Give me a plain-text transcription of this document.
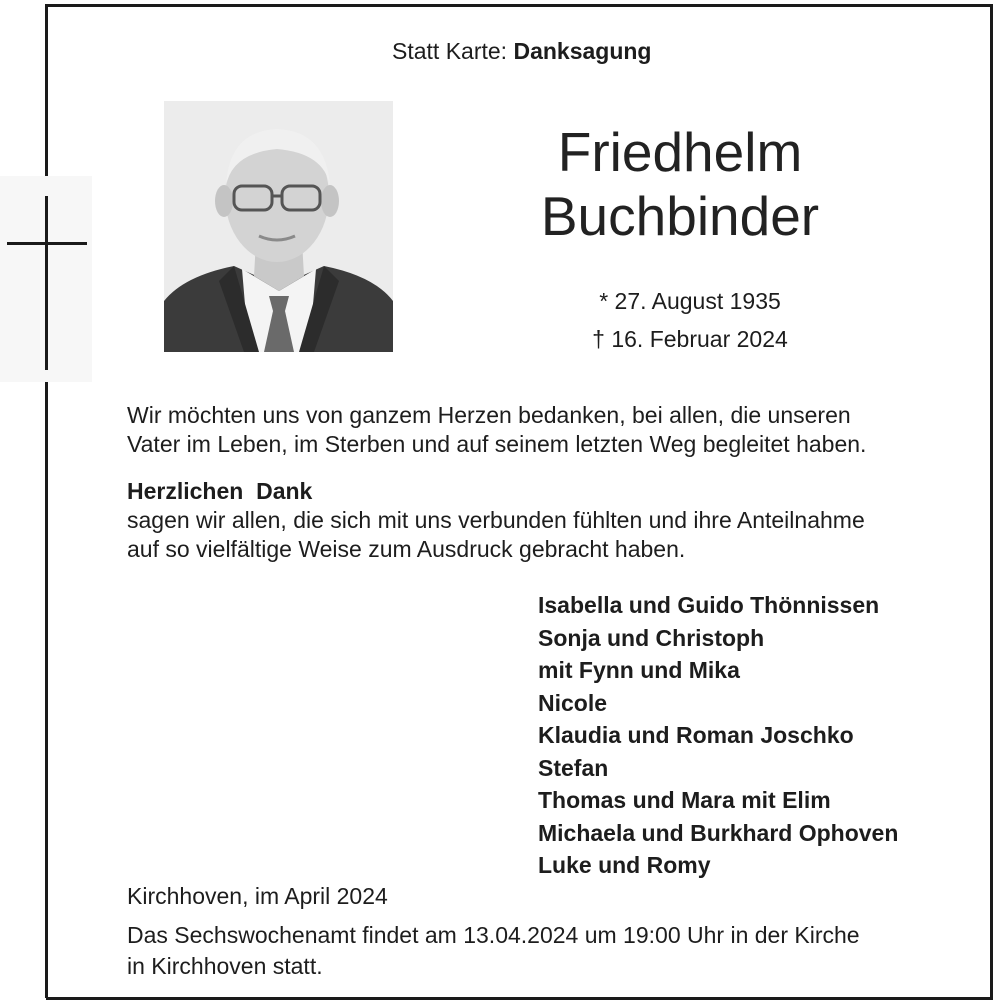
Statt Karte: Danksagung
Friedhelm
Buchbinder
* 27. August 1935
† 16. Februar 2024
Wir möchten uns von ganzem Herzen bedanken, bei allen, die unseren
Vater im Leben, im Sterben und auf seinem letzten Weg begleitet haben.
Herzlichen  Dank
sagen wir allen, die sich mit uns verbunden fühlten und ihre Anteilnahme
auf so vielfältige Weise zum Ausdruck gebracht haben.
Isabella und Guido Thönnissen
Sonja und Christoph
mit Fynn und Mika
Nicole
Klaudia und Roman Joschko
Stefan
Thomas und Mara mit Elim
Michaela und Burkhard Ophoven
Luke und Romy
Kirchhoven, im April 2024
Das Sechswochenamt findet am 13.04.2024 um 19:00 Uhr in der Kirche
in Kirchhoven statt.
